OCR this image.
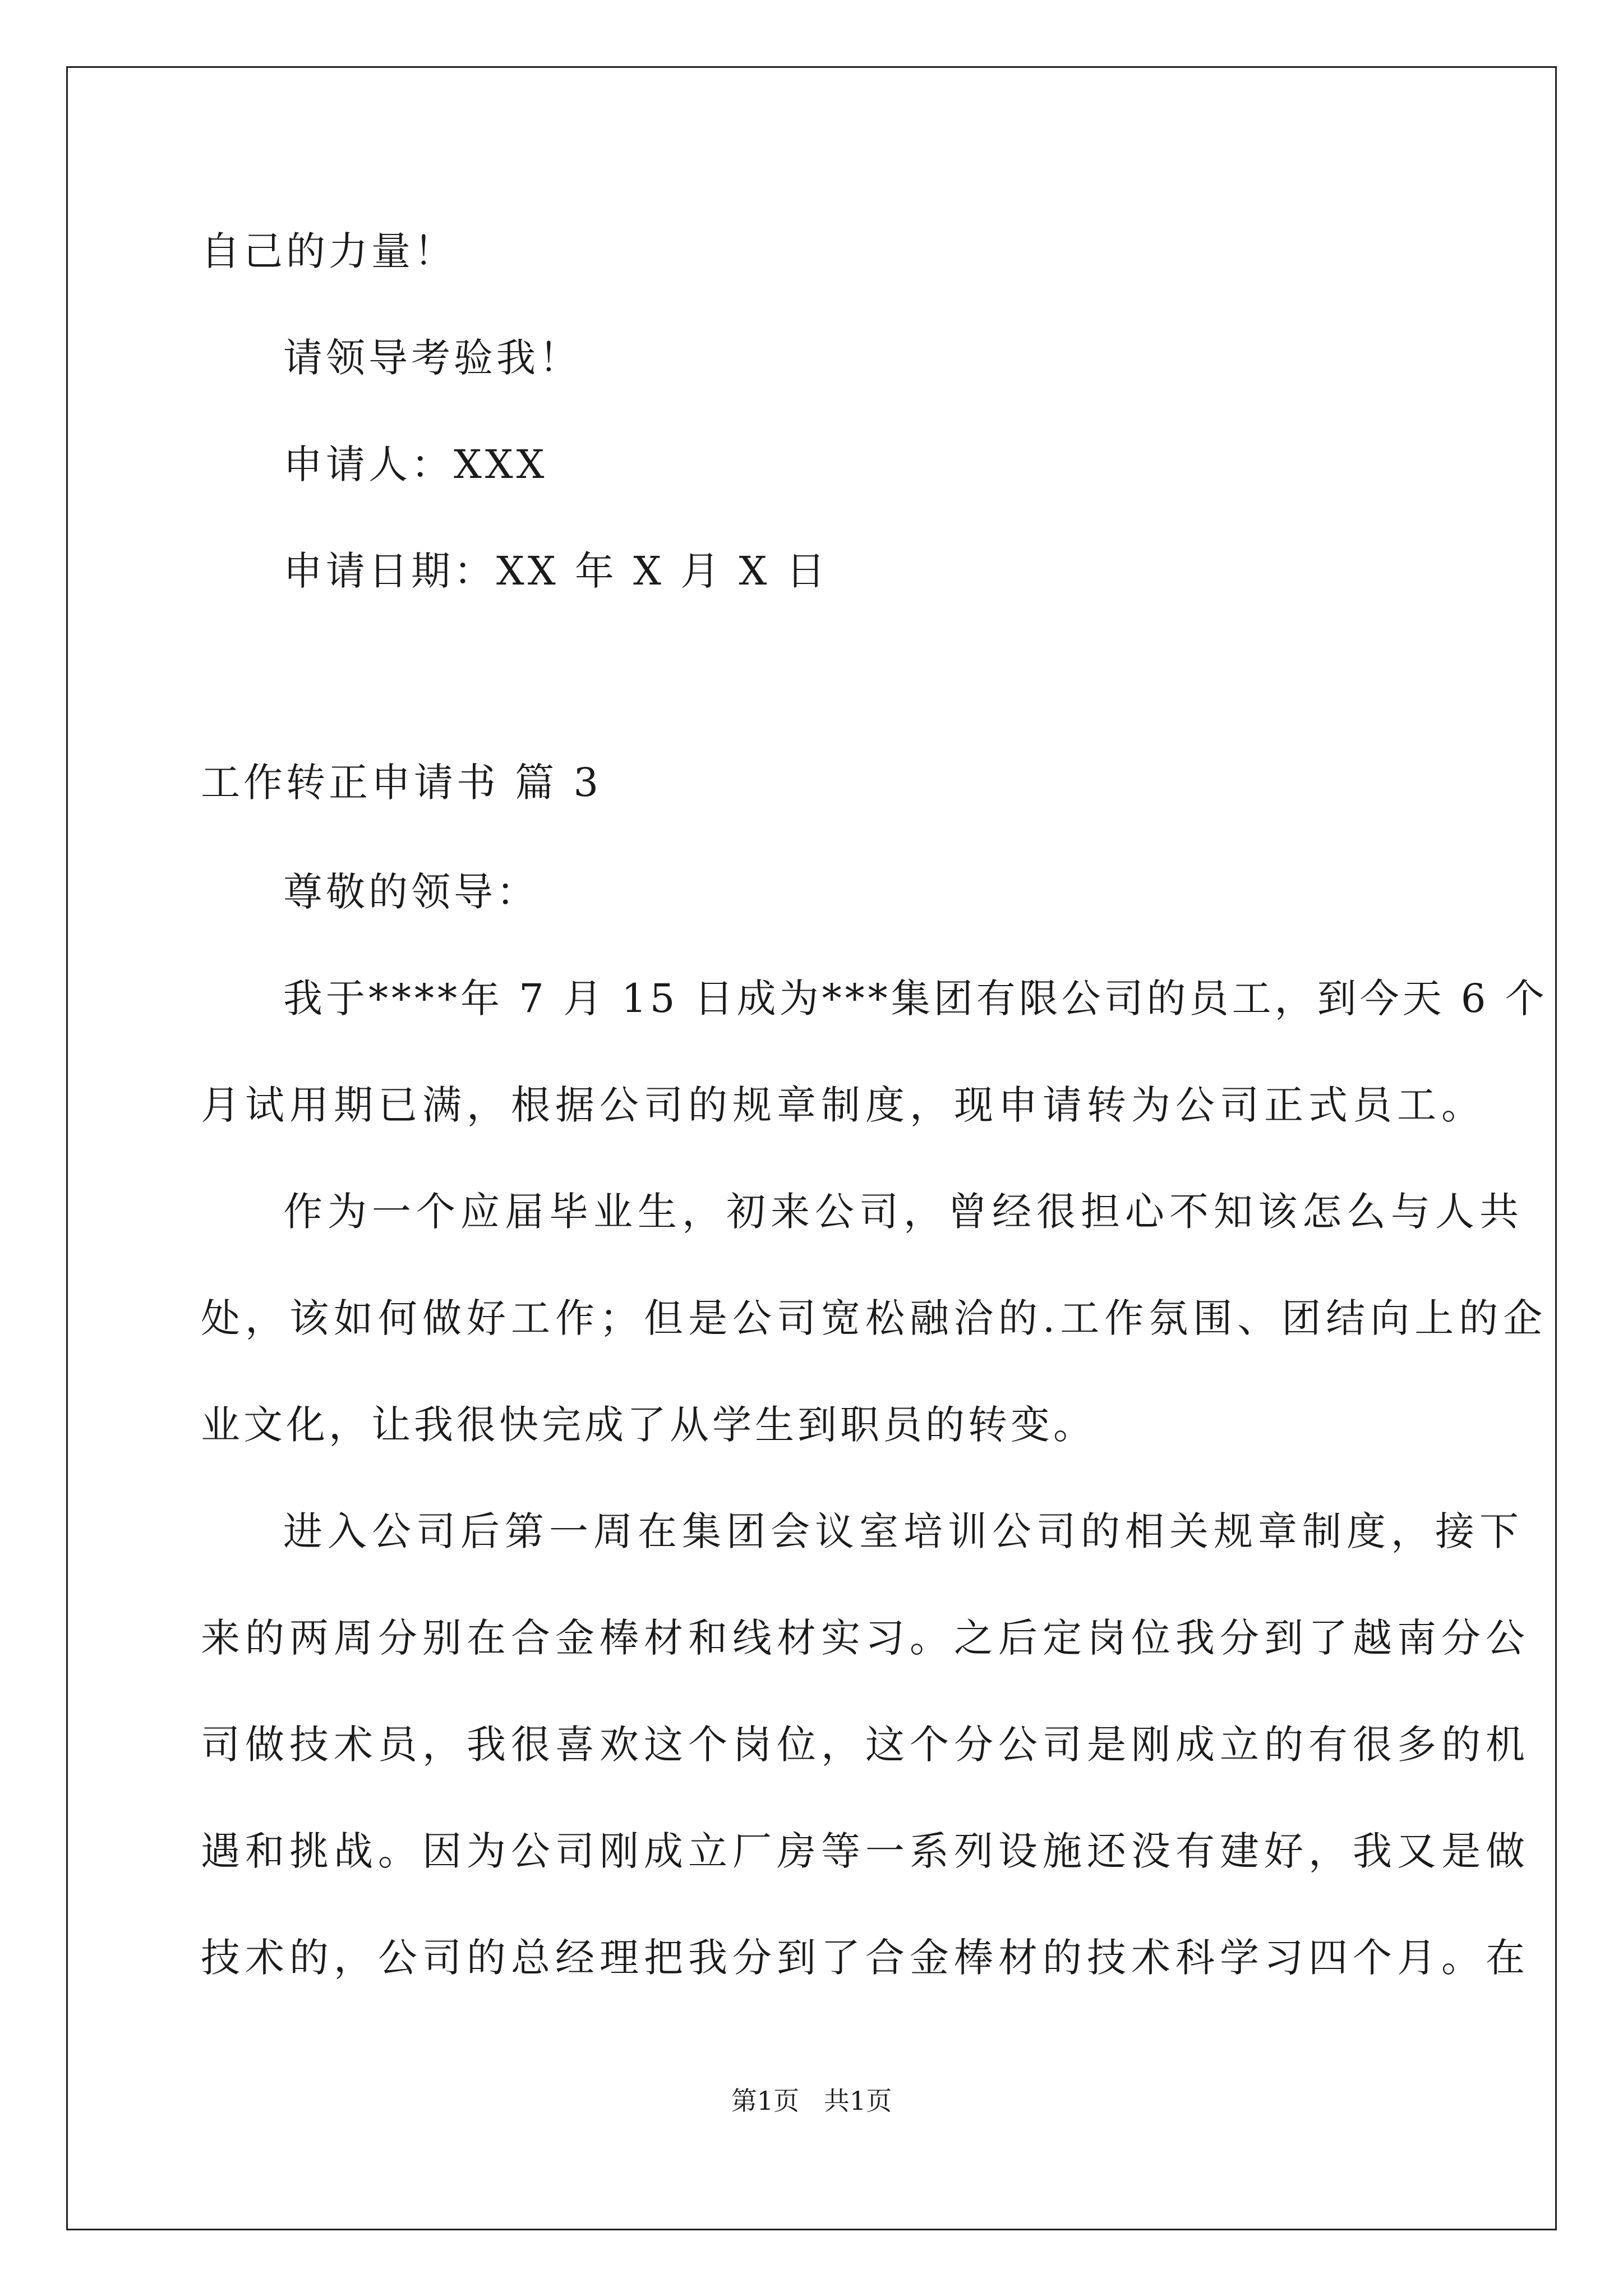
自己的力量！
请领导考验我！
申请人：XXX
申请日期：XX 年 X 月 X 日
工作转正申请书 篇 3
尊敬的领导：
我于****年 7 月 15 日成为***集团有限公司的员工，到今天 6 个
月试用期已满，根据公司的规章制度，现申请转为公司正式员工。
作为一个应届毕业生，初来公司，曾经很担心不知该怎么与人共
处，该如何做好工作；但是公司宽松融洽的.工作氛围、团结向上的企
业文化，让我很快完成了从学生到职员的转变。
进入公司后第一周在集团会议室培训公司的相关规章制度，接下
来的两周分别在合金棒材和线材实习。之后定岗位我分到了越南分公
司做技术员，我很喜欢这个岗位，这个分公司是刚成立的有很多的机
遇和挑战。因为公司刚成立厂房等一系列设施还没有建好，我又是做
技术的，公司的总经理把我分到了合金棒材的技术科学习四个月。在
第1页   共1页
